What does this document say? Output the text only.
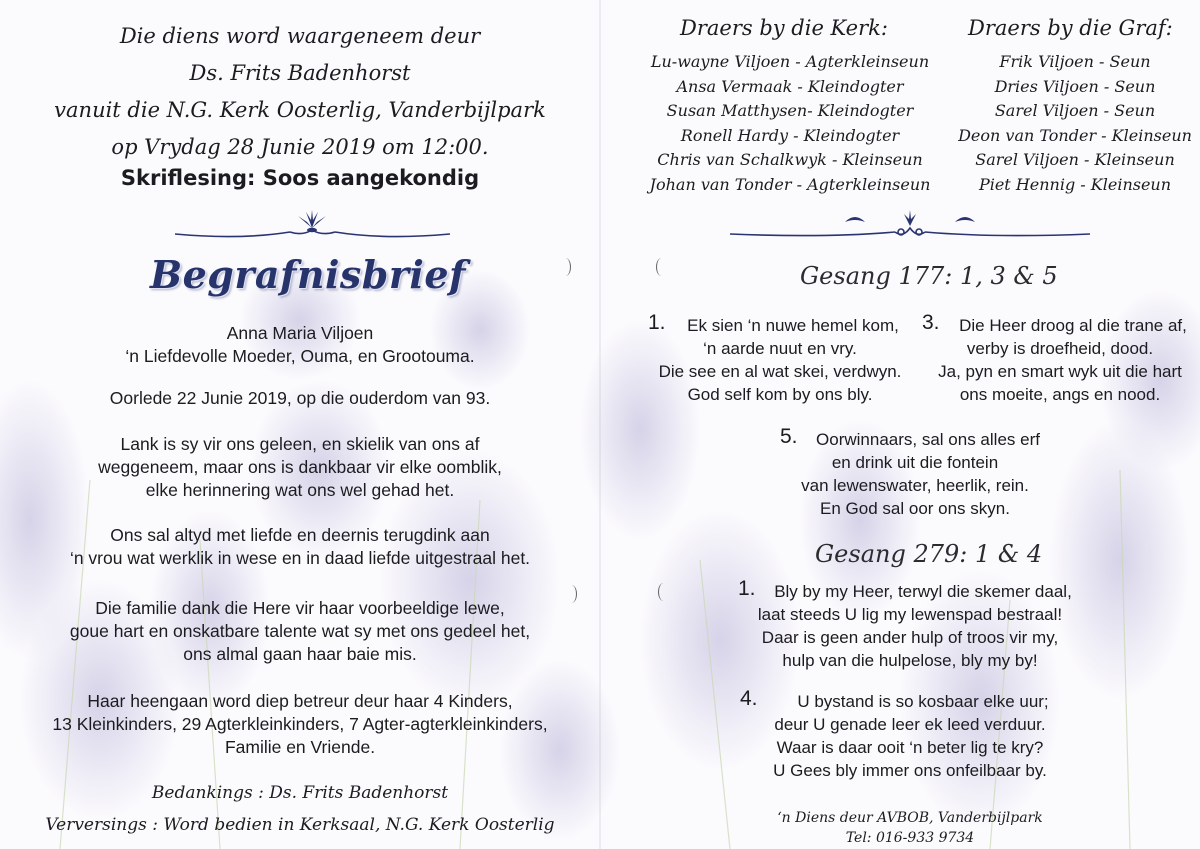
Die diens word waargeneem deur
Ds. Frits Badenhorst
vanuit die N.G. Kerk Oosterlig, Vanderbijlpark
op Vrydag 28 Junie 2019 om 12:00.
Skriflesing: Soos aangekondig
Begrafnisbrief
Anna Maria Viljoen
‘n Liefdevolle Moeder, Ouma, en Grootouma.
Oorlede 22 Junie 2019, op die ouderdom van 93.
Lank is sy vir ons geleen, en skielik van ons af
weggeneem, maar ons is dankbaar vir elke oomblik,
elke herinnering wat ons wel gehad het.
Ons sal altyd met liefde en deernis terugdink aan
‘n vrou wat werklik in wese en in daad liefde uitgestraal het.
Die familie dank die Here vir haar voorbeeldige lewe,
goue hart en onskatbare talente wat sy met ons gedeel het,
ons almal gaan haar baie mis.
Haar heengaan word diep betreur deur haar 4 Kinders,
13 Kleinkinders, 29 Agterkleinkinders, 7 Agter-agterkleinkinders,
Familie en Vriende.
Bedankings : Ds. Frits Badenhorst
Verversings : Word bedien in Kerksaal, N.G. Kerk Oosterlig
Draers by die Kerk:
Lu-wayne Viljoen - Agterkleinseun
Ansa Vermaak - Kleindogter
Susan Matthysen- Kleindogter
Ronell Hardy - Kleindogter
Chris van Schalkwyk - Kleinseun
Johan van Tonder - Agterkleinseun
Draers by die Graf:
Frik Viljoen - Seun
Dries Viljoen - Seun
Sarel Viljoen - Seun
Deon van Tonder - Kleinseun
Sarel Viljoen - Kleinseun
Piet Hennig - Kleinseun
Gesang 177: 1, 3 & 5
1.	Ek sien ‘n nuwe hemel kom,
‘n aarde nuut en vry.
Die see en al wat skei, verdwyn.
God self kom by ons bly.
3.	Die Heer droog al die trane af,
verby is droefheid, dood.
Ja, pyn en smart wyk uit die hart
ons moeite, angs en nood.
5.	Oorwinnaars, sal ons alles erf
en drink uit die fontein
van lewenswater, heerlik, rein.
En God sal oor ons skyn.
Gesang 279: 1 & 4
1.	Bly by my Heer, terwyl die skemer daal,
laat steeds U lig my lewenspad bestraal!
Daar is geen ander hulp of troos vir my,
hulp van die hulpelose, bly my by!
4.	U bystand is so kosbaar elke uur;
deur U genade leer ek leed verduur.
Waar is daar ooit ‘n beter lig te kry?
U Gees bly immer ons onfeilbaar by.
‘n Diens deur AVBOB, Vanderbijlpark
Tel: 016-933 9734
